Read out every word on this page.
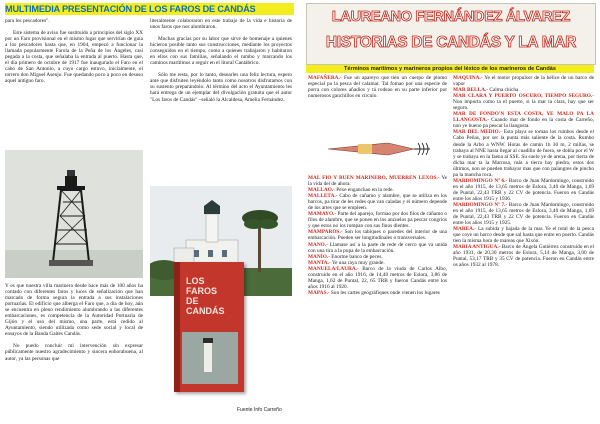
MULTIMEDIA PRESENTACIÓN DE LOS FAROS DE CANDÁS

para los pescadores".

Este sistema de aviso fue sustituido a principios del siglo XX por un Faro provisional en el mismo lugar que servirían de guía a los pescadores hasta que, en 1904, empezó a funcionar la llamada popularmente Farola de la Peña de los Ángeles, casi pegada a la costa, que señalaba la entrada al puerto. Hasta que, el día primero de octubre de 1917 fue inaugurado el Faro en el cabo de San Antonio, a cuyo cargo estuvo, inicialmente, el torrero don Miguel Asenjo. Fue quedando poco a poco en desuso aquel antiguo faro.

Y es que nuestra villa marinera desde hace más de 100 años ha contado con diferentes faros y luces de señalización que han marcado de forma segura la entrada a sus instalaciones portuarias. El edificio que alberga el Faro que, a día de hoy, aún se encuentra en pleno rendimiento alumbrando a las diferentes embarcaciones, es competencia de la Autoridad Portuaria de Gijón y el uso del mismo, una parte, está cedido al Ayuntamiento, siendo utilizada como sede social y local de ensayos de la Banda Gaites Candás.

No puedo concluir mi intervención sin expresar públicamente nuestro agradecimiento y sincera enhorabuena, al autor, ya las personas que

literalmente colaboraron en este trabajo de la vida e historia de unos faros que nos alumbraron.

Muchas gracias por su labor que sirve de homenaje a quienes hicieron posible tanto sus construcciones, mediante los proyectos conseguidos en el tiempo, como a quienes trabajaron y habitaron en ellos con sus familias, señalando el rumbo y marcando los caminos marítimos a seguir en el litoral Cantábrico.

Sólo me resta, por lo tanto, desearles una feliz lectura, espero ante que disfruten leyéndolo tanto como nosotros disfrutamos con su sustento preparándolo. Al término del acto el Ayuntamiento les hará entrega de un ejemplar del divulgación gratuita que el autor "Los faros de Candás" –señaló la Alcaldesa, Amelia Fernández.

LOS
FAROS
DE
CANDÁS
Fuente Info Carreño
LAUREANO FERNÁNDEZ ÁLVAREZ
HISTORIAS DE CANDÁS Y LA MAR
Términos marítimos y marineros propios del léxico de los marineros de Candás

MAFAÑERA.- Fue un apareyo que tien un cuerpo de plomo especial pa la pesca del calamar. Tal fomao por una especie de porra con colores añadios y tá rodeao en su parte inferior por numerosos ganchillos en círculo.

MAL FIO Y BUEN MARINERO, MUERREN LEXOS.- Ye la vida del de ahora.

MALLAO.- Pexe enganchao en la rede.

MALLETA.- Cabo de cañamo y alambre, que se utiliza en los barcos, pa tirar de les redes que van caladas y el número depende de los artes que se empleen.

MAMAYO.- Parte del aparejo, formao por dos filos de cáñamo o filos de alambre, que se ponen en los anzuelos pa pescar congrios y que estos no los rompan con sus finos dientes.

MAMPAROS.- Son los tabiques o paredes del interior de una embarcación. Pueden ser longitudinales o transversales.

MANO.- Llamase así a la parte de rede de cerco que va unida con una tira a la popa de la embarcación.

MANÍO.- Enorme banco de peces.

MANTA.- Ye una raya muy grande.

MANUELA/LAURA.- Barco de la viuda de Carlos Albo, construido en el año 1916, de 14,40 metros de Eslora, 3,86 de Manga, 1,62 de Puntal, 22, 65 TRB y fueron Candás entre los años 1916 al 1920.

MAPAS.- Son les cartes geográfiques onde vienen los lugares

MAQUINA.- Ye el motor propulsor de la hélice de un barco de vapor

MAR BELLA.- Calma chicha

MAR CLARA Y PUERTO OSCURO, TIEMPO SEGURO.- Non importa como ta el puerto, si la mar ta clara, hay que ser seguro.

MAR DE FONDO'N ESTA COSTA, YE MALO PA LA LLANGOSTA.- Cuando mar de fondo en la costa de Carreño, non ye bueno pa pescar la llangosta.

MAR DEL MEDIO.- Esta playa se toman los rumbos desde el Cabo Peñas, por ser la punta más saliente de la costa. Rumbo desde la Arbo a WNW. Horas de camin 1h 30 m, 2 millas, se trabaya al NNE hasta llegar al cuadillo de fuera, se dobla por el W y se trabaya en la faena al SSE. Su suelo ye de arena, por tierra de dicha mar ta la Marrosa, más a tierra hay piedra, estos dos últimos, non se pueden trabayar mas que con palangres de pincho pa la mancha roca.

MARDOMINGO Nº 6.- Barco de Juan Mardomingo, construido en el año 1915, de 13,65 metros de Eslora, 3,40 de Manga, 1,69 de Puntal, 22,43 TRB y 22 CV de potencia. Fueron en Candás entre los años 1915 y 1936.

MARDOMINGO Nº 7.- Barco de Juan Mardomingo, construido en el año 1915, de 13,65 metros de Eslora, 3,40 de Manga, 1,69 de Puntal, 22,43 TRB y 22 CV de potencia. Fueron en Candás entre los años 1915 y 1925.

MAREA.- La subida y bajada de la mar. Ye el total de la pesca que coye un barco desde que sal hasta que entre en puerto. Candás tien la misma hora de mareas que Xixón.

MARIA ANTIGUA.- Barco de Ángela Gutiérrez construido en el año 1931, de 20,30 metros de Eslora, 5,14 de Manga, 3,00 de Puntal, 53,17 TRB y 35 CV de potencia. Fueron en Candás entre os años 1932 al 1978.
